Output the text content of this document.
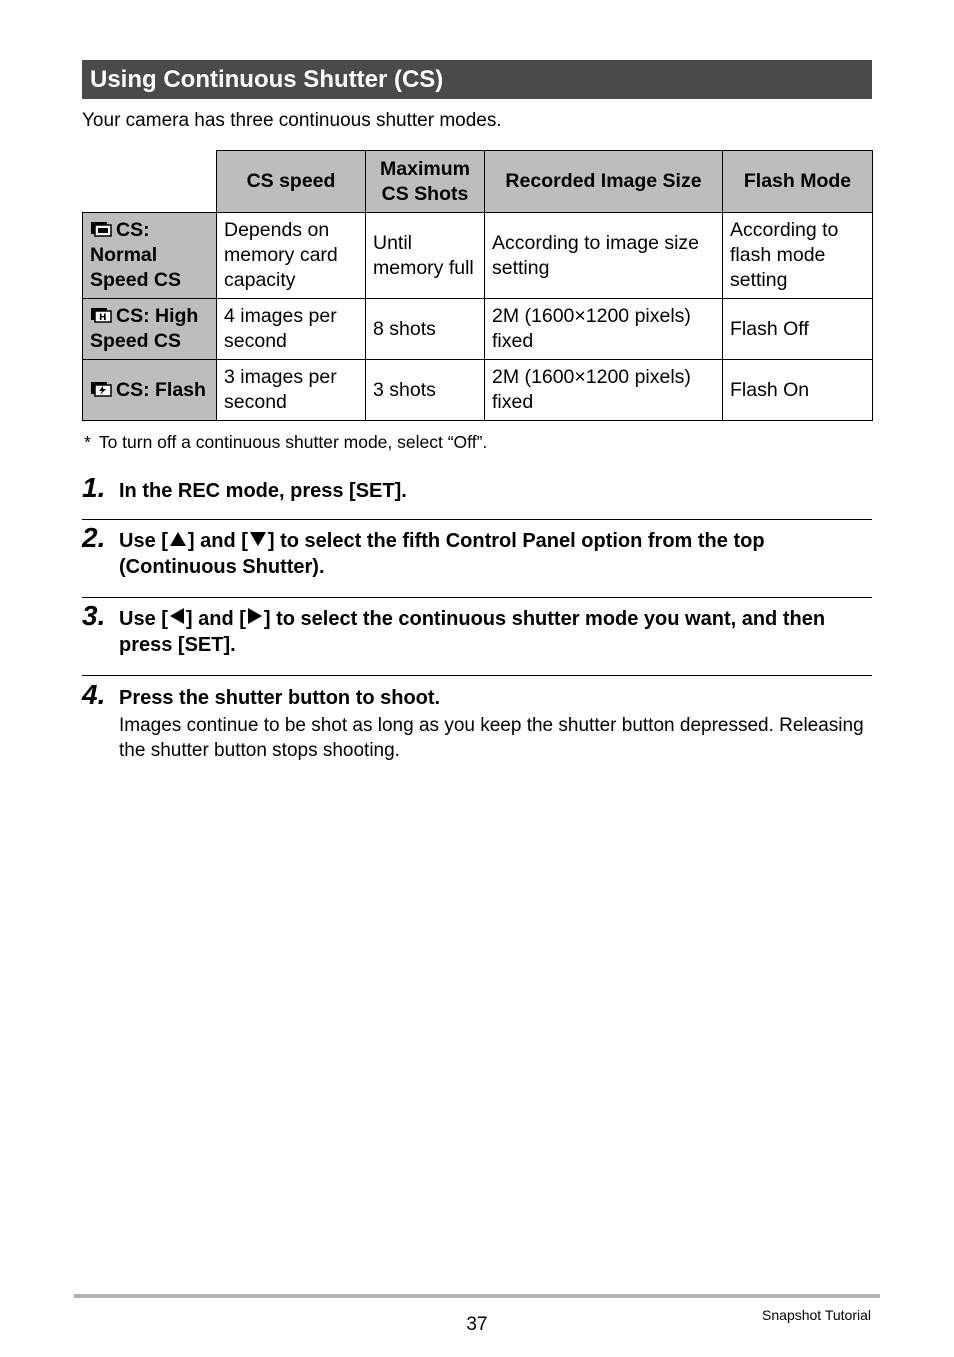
Using Continuous Shutter (CS)
Your camera has three continuous shutter modes.
	CS speed	Maximum CS Shots	Recorded Image Size	Flash Mode
CS: Normal Speed CS	Depends on memory card capacity	Until memory full	According to image size setting	According to flash mode setting

H CS: High Speed CS	4 images per second	8 shots	2M (1600×1200 pixels) fixed	Flash Off
CS: Flash	3 images per second	3 shots	2M (1600×1200 pixels) fixed	Flash On
* To turn off a continuous shutter mode, select “Off”.
1. In the REC mode, press [SET].
2. Use [ ] and [ ] to select the fifth Control Panel option from the top (Continuous Shutter).
3. Use [ ] and [ ] to select the continuous shutter mode you want, and then press [SET].
4. Press the shutter button to shoot.
Images continue to be shot as long as you keep the shutter button depressed. Releasing the shutter button stops shooting.
37	Snapshot Tutorial
